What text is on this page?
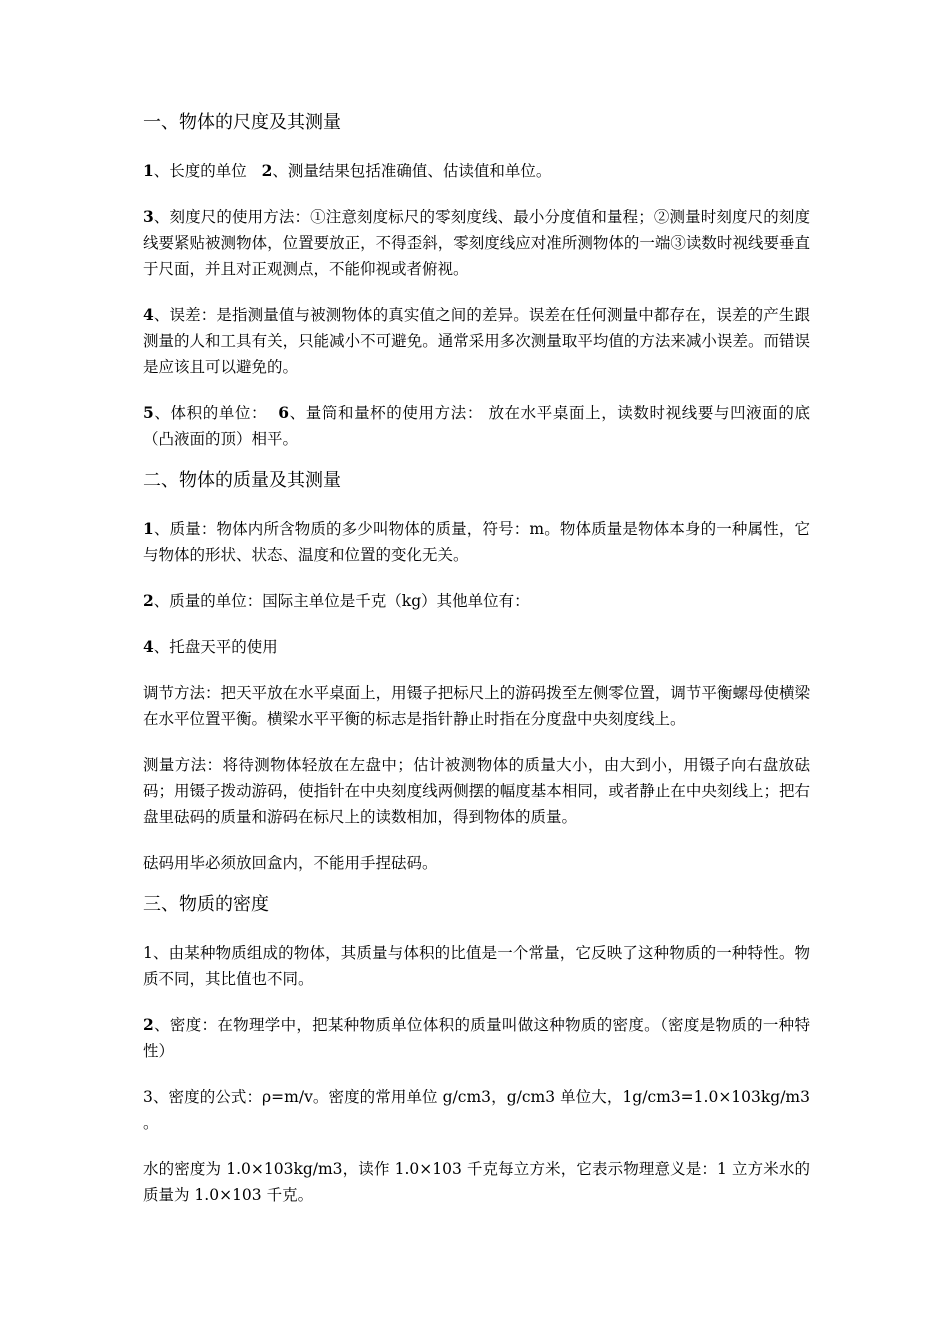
一、物体的尺度及其测量

1、长度的单位   2、测量结果包括准确值、估读值和单位。

3、刻度尺的使用方法：①注意刻度标尺的零刻度线、最小分度值和量程；②测量时刻度尺的刻度线要紧贴被测物体，位置要放正，不得歪斜，零刻度线应对准所测物体的一端③读数时视线要垂直于尺面，并且对正观测点，不能仰视或者俯视。

4、误差：是指测量值与被测物体的真实值之间的差异。误差在任何测量中都存在，误差的产生跟测量的人和工具有关，只能减小不可避免。通常采用多次测量取平均值的方法来减小误差。而错误是应该且可以避免的。

5、体积的单位：  6、量筒和量杯的使用方法： 放在水平桌面上，读数时视线要与凹液面的底（凸液面的顶）相平。

二、物体的质量及其测量

1、质量：物体内所含物质的多少叫物体的质量，符号：m。物体质量是物体本身的一种属性，它与物体的形状、状态、温度和位置的变化无关。

2、质量的单位：国际主单位是千克（kg）其他单位有：

4、托盘天平的使用

调节方法：把天平放在水平桌面上，用镊子把标尺上的游码拨至左侧零位置，调节平衡螺母使横梁在水平位置平衡。横梁水平平衡的标志是指针静止时指在分度盘中央刻度线上。

测量方法：将待测物体轻放在左盘中；估计被测物体的质量大小，由大到小，用镊子向右盘放砝码；用镊子拨动游码，使指针在中央刻度线两侧摆的幅度基本相同，或者静止在中央刻线上；把右盘里砝码的质量和游码在标尺上的读数相加，得到物体的质量。

砝码用毕必须放回盒内，不能用手捏砝码。

三、物质的密度

1、由某种物质组成的物体，其质量与体积的比值是一个常量，它反映了这种物质的一种特性。物质不同，其比值也不同。

2、密度：在物理学中，把某种物质单位体积的质量叫做这种物质的密度。（密度是物质的一种特性）

3、密度的公式：ρ=m/v。密度的常用单位 g/cm3，g/cm3 单位大，1g/cm3=1.0×103kg/m3 。

水的密度为 1.0×103kg/m3，读作 1.0×103 千克每立方米，它表示物理意义是：1 立方米水的质量为 1.0×103 千克。
